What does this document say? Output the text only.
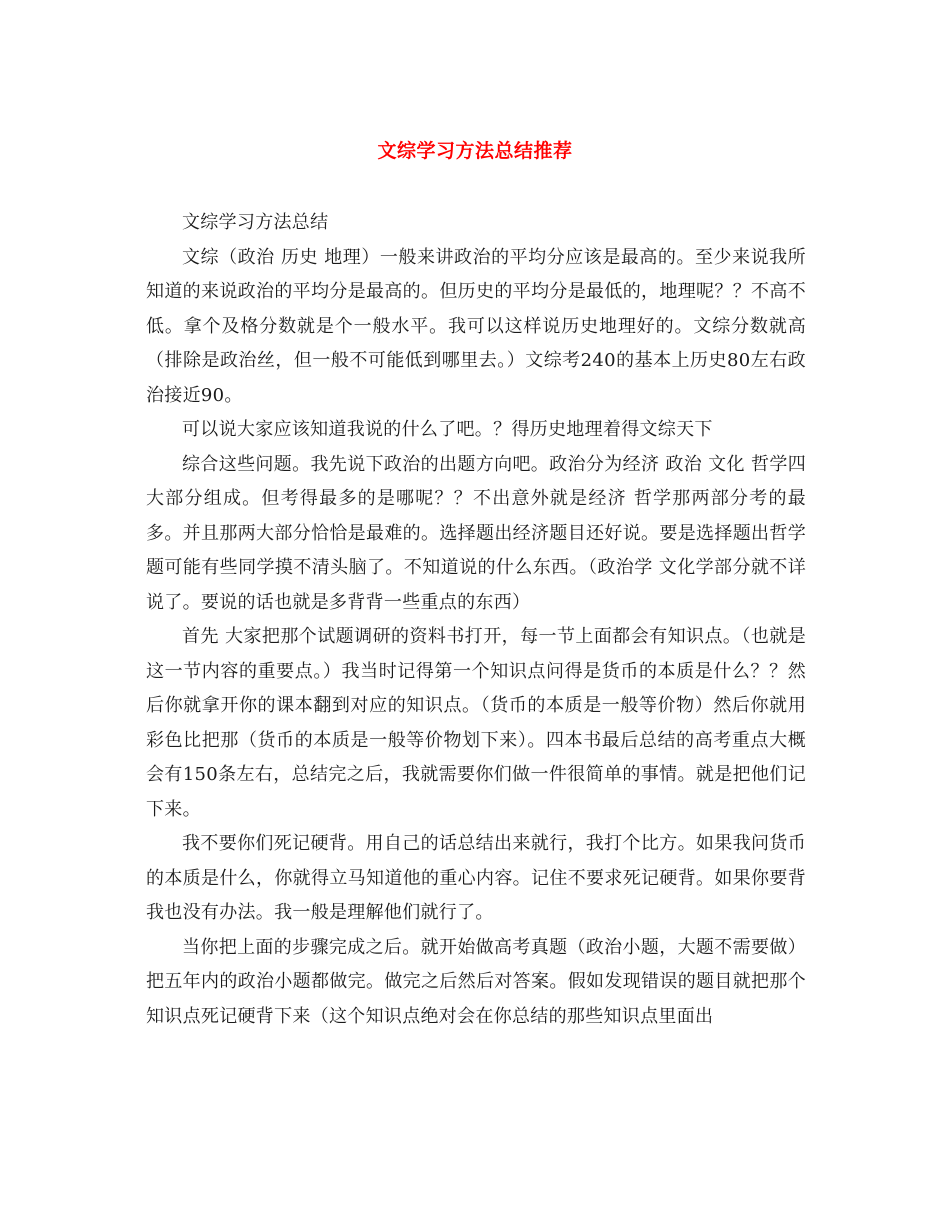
文综学习方法总结推荐

文综学习方法总结

文综（政治 历史 地理）一般来讲政治的平均分应该是最高的。至少来说我所知道的来说政治的平均分是最高的。但历史的平均分是最低的，地理呢？？不高不低。拿个及格分数就是个一般水平。我可以这样说历史地理好的。文综分数就高（排除是政治丝，但一般不可能低到哪里去。）文综考240的基本上历史80左右政治接近90。

可以说大家应该知道我说的什么了吧。？得历史地理着得文综天下

综合这些问题。我先说下政治的出题方向吧。政治分为经济 政治 文化 哲学四大部分组成。但考得最多的是哪呢？？不出意外就是经济 哲学那两部分考的最多。并且那两大部分恰恰是最难的。选择题出经济题目还好说。要是选择题出哲学题可能有些同学摸不清头脑了。不知道说的什么东西。（政治学 文化学部分就不详说了。要说的话也就是多背背一些重点的东西）

首先 大家把那个试题调研的资料书打开，每一节上面都会有知识点。（也就是这一节内容的重要点。）我当时记得第一个知识点问得是货币的本质是什么？？然后你就拿开你的课本翻到对应的知识点。（货币的本质是一般等价物）然后你就用彩色比把那（货币的本质是一般等价物划下来）。四本书最后总结的高考重点大概会有150条左右，总结完之后，我就需要你们做一件很简单的事情。就是把他们记下来。

我不要你们死记硬背。用自己的话总结出来就行，我打个比方。如果我问货币的本质是什么，你就得立马知道他的重心内容。记住不要求死记硬背。如果你要背我也没有办法。我一般是理解他们就行了。

当你把上面的步骤完成之后。就开始做高考真题（政治小题，大题不需要做）把五年内的政治小题都做完。做完之后然后对答案。假如发现错误的题目就把那个知识点死记硬背下来（这个知识点绝对会在你总结的那些知识点里面出
